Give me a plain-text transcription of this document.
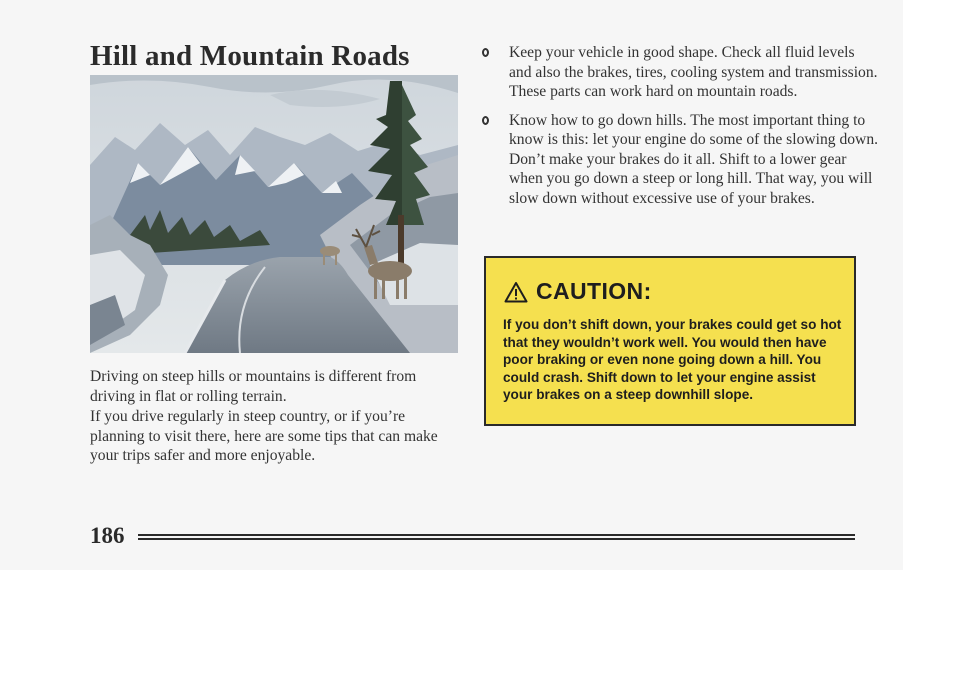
Hill and Mountain Roads

Driving on steep hills or mountains is different from driving in flat or rolling terrain.

If you drive regularly in steep country, or if you’re planning to visit there, here are some tips that can make your trips safer and more enjoyable.

Keep your vehicle in good shape. Check all fluid levels and also the brakes, tires, cooling system and transmission. These parts can work hard on mountain roads.
Know how to go down hills. The most important thing to know is this: let your engine do some of the slowing down. Don’t make your brakes do it all. Shift to a lower gear when you go down a steep or long hill. That way, you will slow down without excessive use of your brakes.
CAUTION:

If you don’t shift down, your brakes could get so hot that they wouldn’t work well. You would then have poor braking or even none going down a hill. You could crash. Shift down to let your engine assist your brakes on a steep downhill slope.

186
